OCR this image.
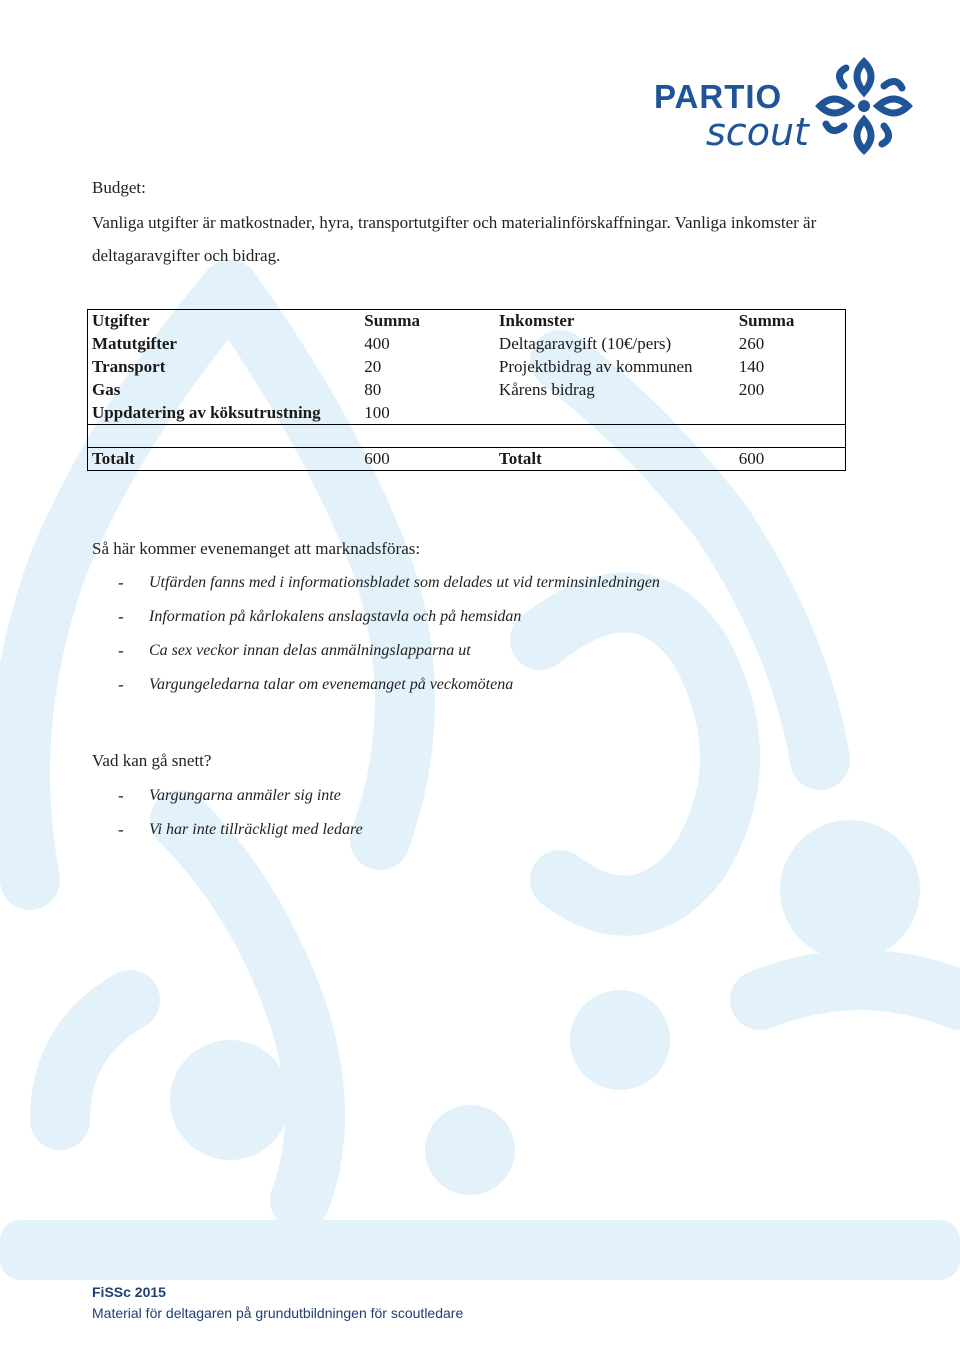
PARTIO
scout
Budget:
Vanliga utgifter är matkostnader, hyra, transportutgifter och materialinförskaffningar. Vanliga inkomster är deltagaravgifter och bidrag.
Utgifter	Summa	Inkomster	Summa
Matutgifter	400	Deltagaravgift (10€/pers)	260
Transport	20	Projektbidrag av kommunen	140
Gas	80	Kårens bidrag	200
Uppdatering av köksutrustning	100		

Totalt	600	Totalt	600
Så här kommer evenemanget att marknadsföras:
-	Utfärden fanns med i informationsbladet som delades ut vid terminsinledningen
-	Information på kårlokalens anslagstavla och på hemsidan
-	Ca sex veckor innan delas anmälningslapparna ut
-	Vargungeledarna talar om evenemanget på veckomötena
Vad kan gå snett?
-	Vargungarna anmäler sig inte
-	Vi har inte tillräckligt med ledare
FiSSc 2015
Material för deltagaren på grundutbildningen för scoutledare
